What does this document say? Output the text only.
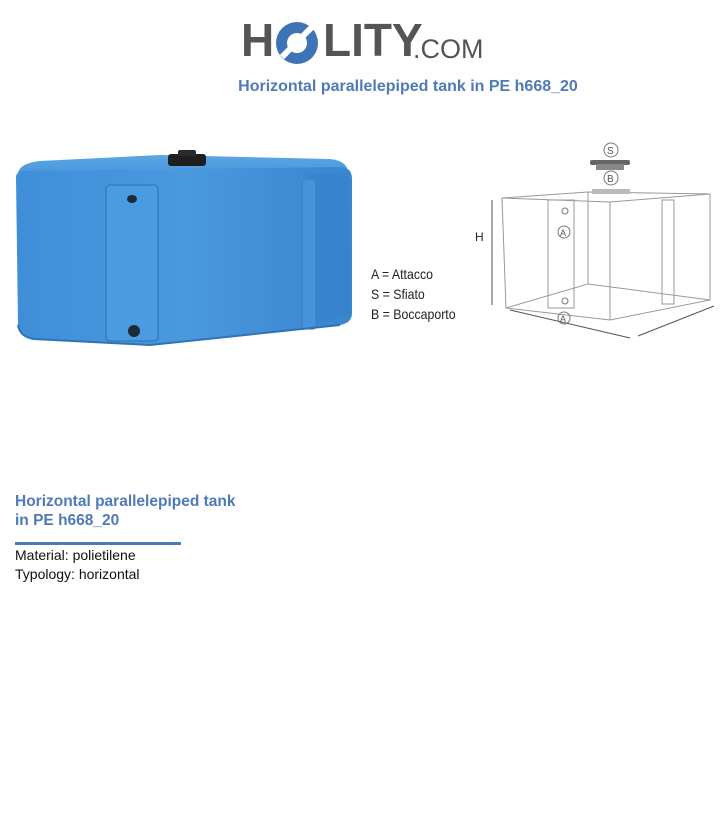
H LITY
.COM
Horizontal parallelepiped tank in PE h668_20
A = Attacco
S = Sfiato
B = Boccaporto
H	A
A
S
B
Horizontal parallelepiped tank
in PE h668_20
Material: polietilene
Typology: horizontal
